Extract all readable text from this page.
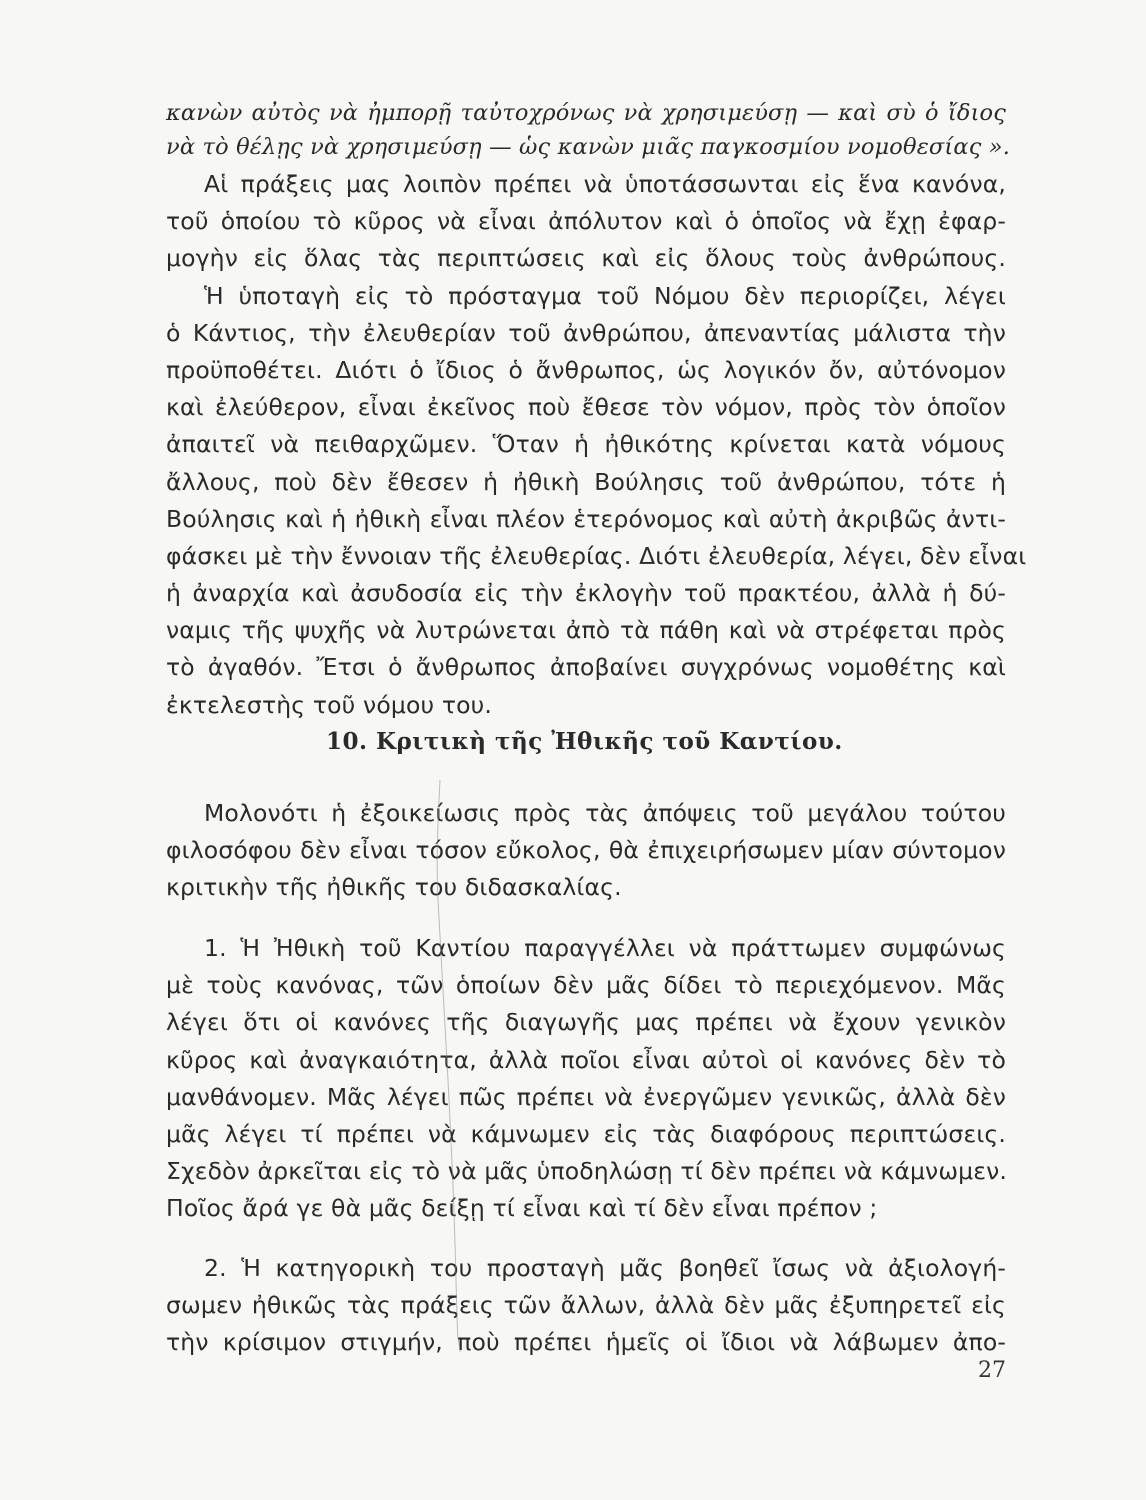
κανὼν αὐτὸς νὰ ἠμπορῇ ταὐτοχρόνως νὰ χρησιμεύσῃ — καὶ σὺ ὁ ἴδιος
νὰ τὸ θέλῃς νὰ χρησιμεύσῃ — ὡς κανὼν μιᾶς παγκοσμίου νομοθεσίας ».
Αἱ πράξεις μας λοιπὸν πρέπει νὰ ὑποτάσσωνται εἰς ἕνα κανόνα,
τοῦ ὁποίου τὸ κῦρος νὰ εἶναι ἀπόλυτον καὶ ὁ ὁποῖος νὰ ἔχῃ ἐφαρ-
μογὴν εἰς ὅλας τὰς περιπτώσεις καὶ εἰς ὅλους τοὺς ἀνθρώπους.
Ἡ ὑποταγὴ εἰς τὸ πρόσταγμα τοῦ Νόμου δὲν περιορίζει, λέγει
ὁ Κάντιος, τὴν ἐλευθερίαν τοῦ ἀνθρώπου, ἀπεναντίας μάλιστα τὴν
προϋποθέτει. Διότι ὁ ἴδιος ὁ ἄνθρωπος, ὡς λογικόν ὄν, αὐτόνομον
καὶ ἐλεύθερον, εἶναι ἐκεῖνος ποὺ ἔθεσε τὸν νόμον, πρὸς τὸν ὁποῖον
ἀπαιτεῖ νὰ πειθαρχῶμεν. Ὅταν ἡ ἠθικότης κρίνεται κατὰ νόμους
ἄλλους, ποὺ δὲν ἔθεσεν ἡ ἠθικὴ Βούλησις τοῦ ἀνθρώπου, τότε ἡ
Βούλησις καὶ ἡ ἠθικὴ εἶναι πλέον ἑτερόνομος καὶ αὐτὴ ἀκριβῶς ἀντι-
φάσκει μὲ τὴν ἔννοιαν τῆς ἐλευθερίας. Διότι ἐλευθερία, λέγει, δὲν εἶναι
ἡ ἀναρχία καὶ ἀσυδοσία εἰς τὴν ἐκλογὴν τοῦ πρακτέου, ἀλλὰ ἡ δύ-
ναμις τῆς ψυχῆς νὰ λυτρώνεται ἀπὸ τὰ πάθη καὶ νὰ στρέφεται πρὸς
τὸ ἀγαθόν. Ἔτσι ὁ ἄνθρωπος ἀποβαίνει συγχρόνως νομοθέτης καὶ
ἐκτελεστὴς τοῦ νόμου του.
10. Κριτικὴ τῆς Ἠθικῆς τοῦ Καντίου.
Μολονότι ἡ ἐξοικείωσις πρὸς τὰς ἀπόψεις τοῦ μεγάλου τούτου
φιλοσόφου δὲν εἶναι τόσον εὔκολος, θὰ ἐπιχειρήσωμεν μίαν σύντομον
κριτικὴν τῆς ἠθικῆς του διδασκαλίας.
1. Ἡ Ἠθικὴ τοῦ Καντίου παραγγέλλει νὰ πράττωμεν συμφώνως
μὲ τοὺς κανόνας, τῶν ὁποίων δὲν μᾶς δίδει τὸ περιεχόμενον. Μᾶς
λέγει ὅτι οἱ κανόνες τῆς διαγωγῆς μας πρέπει νὰ ἔχουν γενικὸν
κῦρος καὶ ἀναγκαιότητα, ἀλλὰ ποῖοι εἶναι αὐτοὶ οἱ κανόνες δὲν τὸ
μανθάνομεν. Μᾶς λέγει πῶς πρέπει νὰ ἐνεργῶμεν γενικῶς, ἀλλὰ δὲν
μᾶς λέγει τί πρέπει νὰ κάμνωμεν εἰς τὰς διαφόρους περιπτώσεις.
Σχεδὸν ἀρκεῖται εἰς τὸ νὰ μᾶς ὑποδηλώσῃ τί δὲν πρέπει νὰ κάμνωμεν.
Ποῖος ἄρά γε θὰ μᾶς δείξῃ τί εἶναι καὶ τί δὲν εἶναι πρέπον ;
2. Ἡ κατηγορικὴ του προσταγὴ μᾶς βοηθεῖ ἴσως νὰ ἀξιολογή-
σωμεν ἠθικῶς τὰς πράξεις τῶν ἄλλων, ἀλλὰ δὲν μᾶς ἐξυπηρετεῖ εἰς
τὴν κρίσιμον στιγμήν, ποὺ πρέπει ἡμεῖς οἱ ἴδιοι νὰ λάβωμεν ἀπο-
27
